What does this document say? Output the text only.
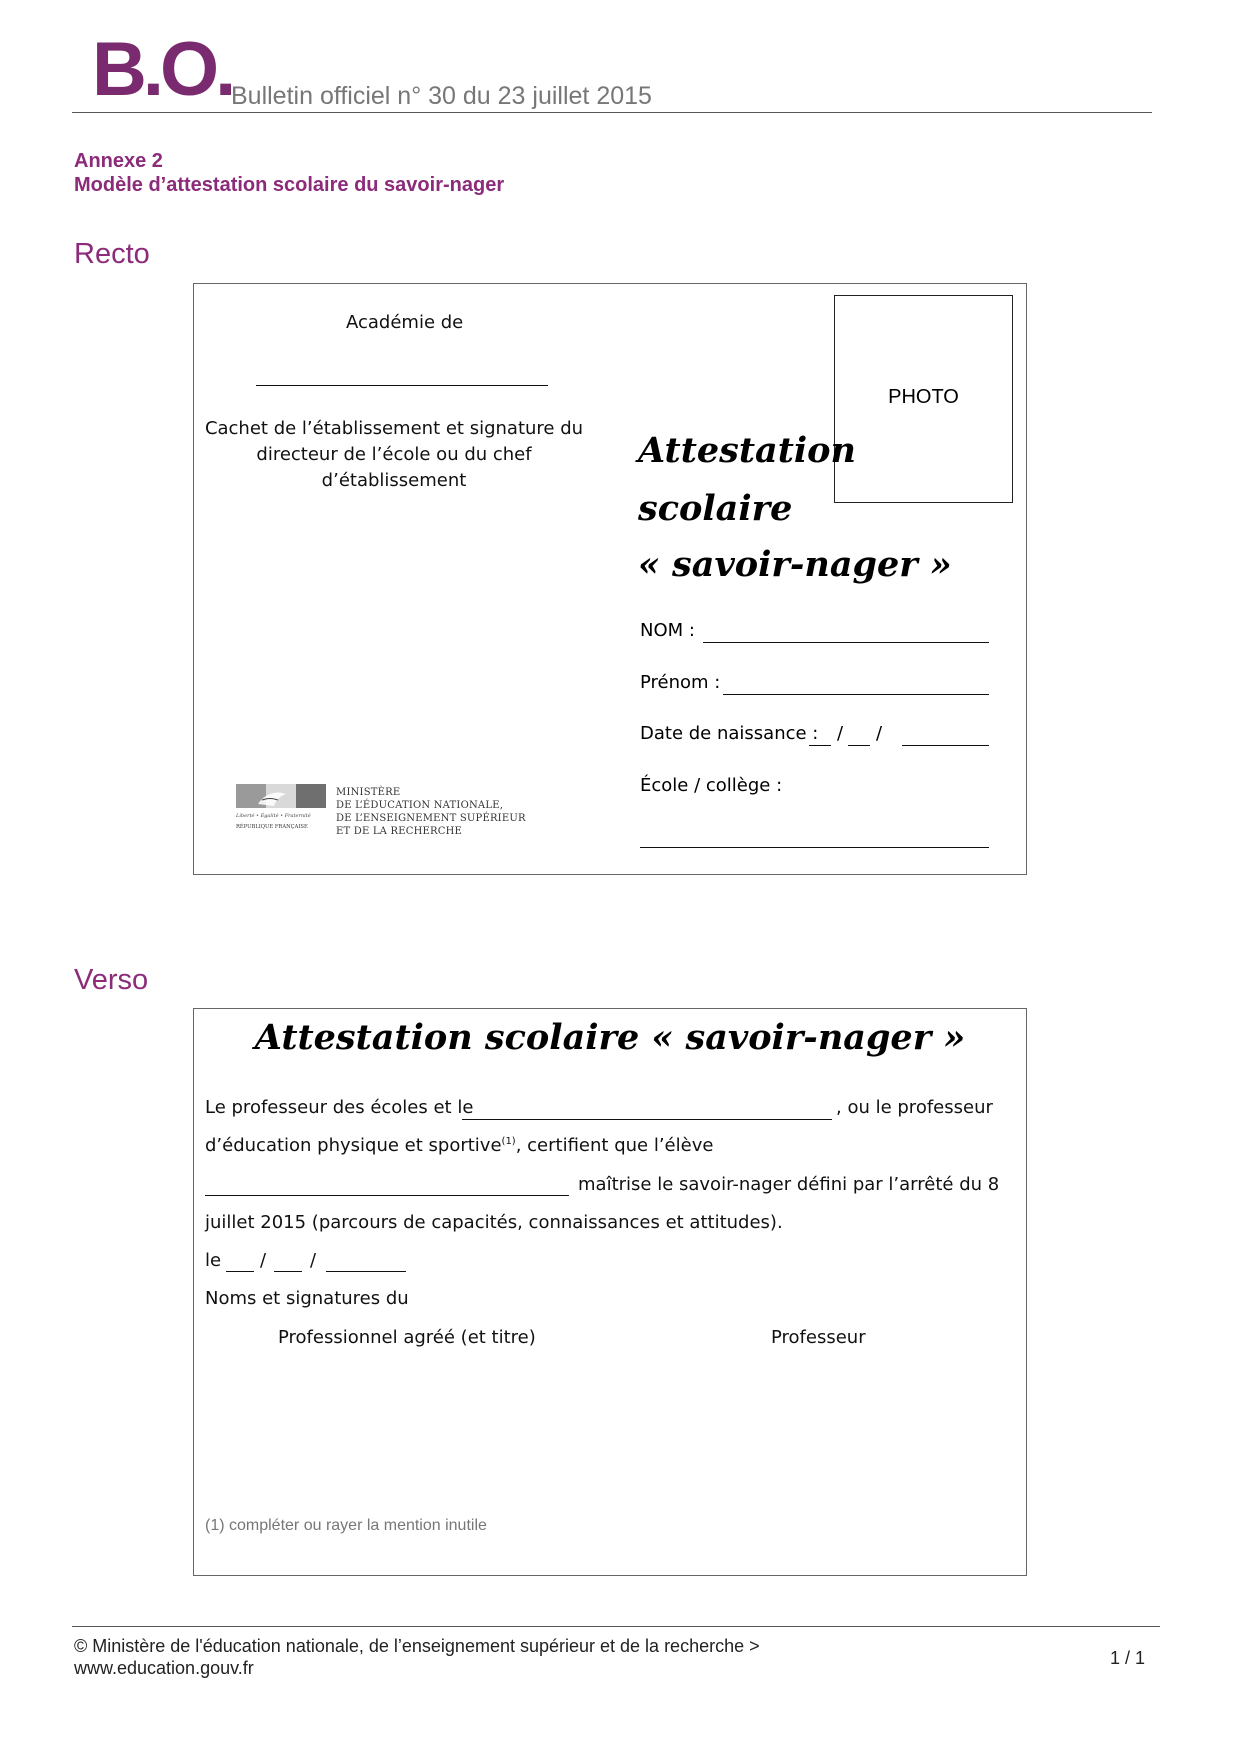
B.O.
Bulletin officiel n° 30 du 23 juillet 2015
Annexe 2
Modèle d’attestation scolaire du savoir-nager
Recto
Académie de
Cachet de l’établissement et signature du directeur de l’école ou du chef d’établissement
PHOTO
Attestation
scolaire
« savoir-nager »
NOM :
Prénom :
Date de naissance : / /
École / collège :
Liberté • Égalité • Fraternité
RÉPUBLIQUE FRANÇAISE
MINISTÈRE
DE L’ÉDUCATION NATIONALE,
DE L’ENSEIGNEMENT SUPÉRIEUR
ET DE LA RECHERCHE
Verso
Attestation scolaire « savoir-nager »
Le professeur des écoles et le	, ou le professeur
d’éducation physique et sportive$^{(1)}$, certifient que l’élève
maîtrise le savoir-nager défini par l’arrêté du 8
juillet 2015 (parcours de capacités, connaissances et attitudes).
le / /
Noms et signatures du
Professionnel agréé (et titre)	Professeur
(1) compléter ou rayer la mention inutile
© Ministère de l'éducation nationale, de l’enseignement supérieur et de la recherche >
www.education.gouv.fr	1 / 1
